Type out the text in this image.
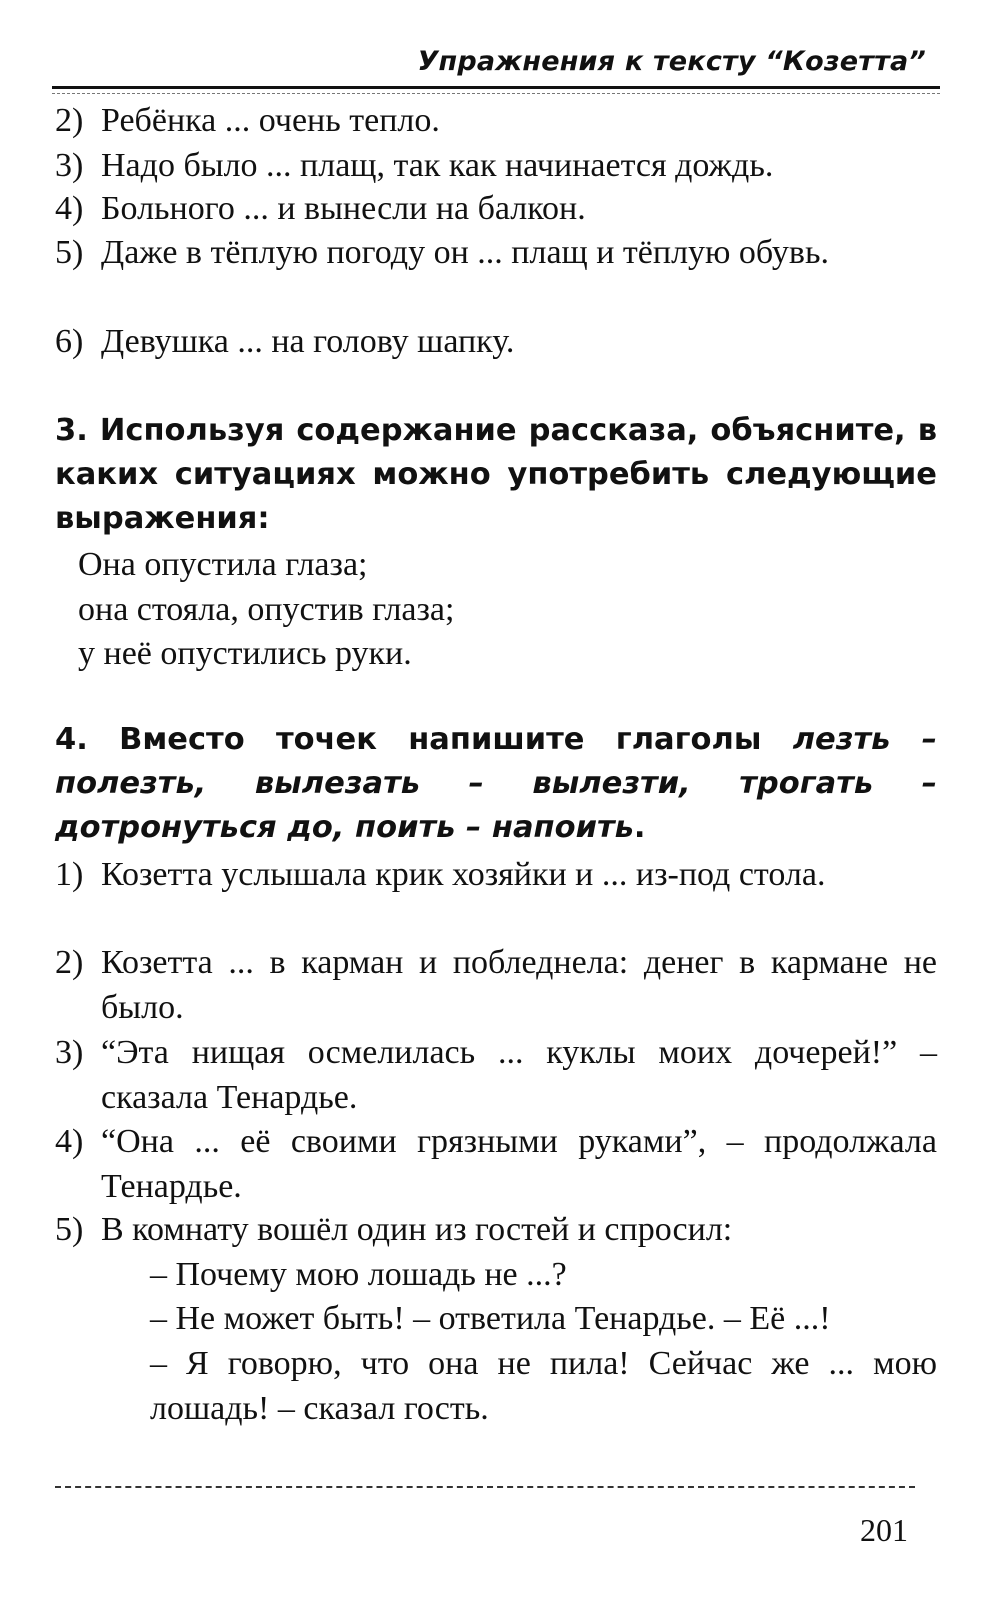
Упражнения к тексту “Козетта”
2) Ребёнка ... очень тепло.
3) Надо было ... плащ, так как начинается дождь.
4) Больного ... и вынесли на балкон.
5) Даже в тёплую погоду он ... плащ и тёплую обувь.
6) Девушка ... на голову шапку.
3. Используя содержание рассказа, объясните, в каких ситуациях можно употребить следующие выражения:
Она опустила глаза;
она стояла, опустив глаза;
у неё опустились руки.
4. Вместо точек напишите глаголы лезть – полезть, вылезать – вылезти, трогать – дотронуться до, поить – напоить.
1) Козетта услышала крик хозяйки и ... из-под стола.
2) Козетта ... в карман и побледнела: денег в кармане не было.
3) “Эта нищая осмелилась ... куклы моих дочерей!” – сказала Тенардье.
4) “Она ... её своими грязными руками”, – продолжала Тенардье.
5) В комнату вошёл один из гостей и спросил:
– Почему мою лошадь не ...?
– Не может быть! – ответила Тенардье. – Её ...!
– Я говорю, что она не пила! Сейчас же ... мою лошадь! – сказал гость.
201
